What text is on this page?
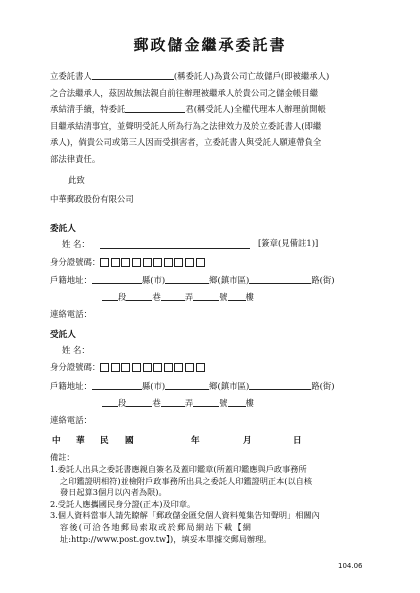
郵政儲金繼承委託書
立委託書人	(稱委託人)為貴公司亡故儲戶(即被繼承人)
之合法繼承人，茲因故無法親自前往辦理被繼承人於貴公司之儲金帳目繼
承結清手續，特委託	君(稱受託人)全權代理本人辦理前開帳
目繼承結清事宜，並聲明受託人所為行為之法律效力及於立委託書人(即繼
承人)，倘貴公司或第三人因而受損害者，立委託書人與受託人願連帶負全
部法律責任。
此致
中華郵政股份有限公司
委託人
姓 名：	[簽章(見備註1)]
身分證號碼：
戶籍地址：	縣(市)	鄉(鎮市區)	路(街)
段	巷	弄	號 樓
連絡電話：
受託人
姓 名：
身分證號碼：
戶籍地址：	縣(市)	鄉(鎮市區)	路(街)
段	巷	弄	號 樓
連絡電話：
中 華 民 國	年	月	日
備註：
1.委託人出具之委託書應親自簽名及蓋印鑑章(所蓋印鑑應與戶政事務所
之印鑑證明相符)並檢附戶政事務所出具之委託人印鑑證明正本(以自核
發日起算3個月以內者為限)。
2.受託人應攜國民身分證(正本)及印章。
3.個人資料當事人請先瞭解「郵政儲金匯兌個人資料蒐集告知聲明」相關內
容後(可洽各地郵局索取或於郵局網站下載【網
址:http://www.post.gov.tw】)，填妥本單據交郵局辦理。
104.06
